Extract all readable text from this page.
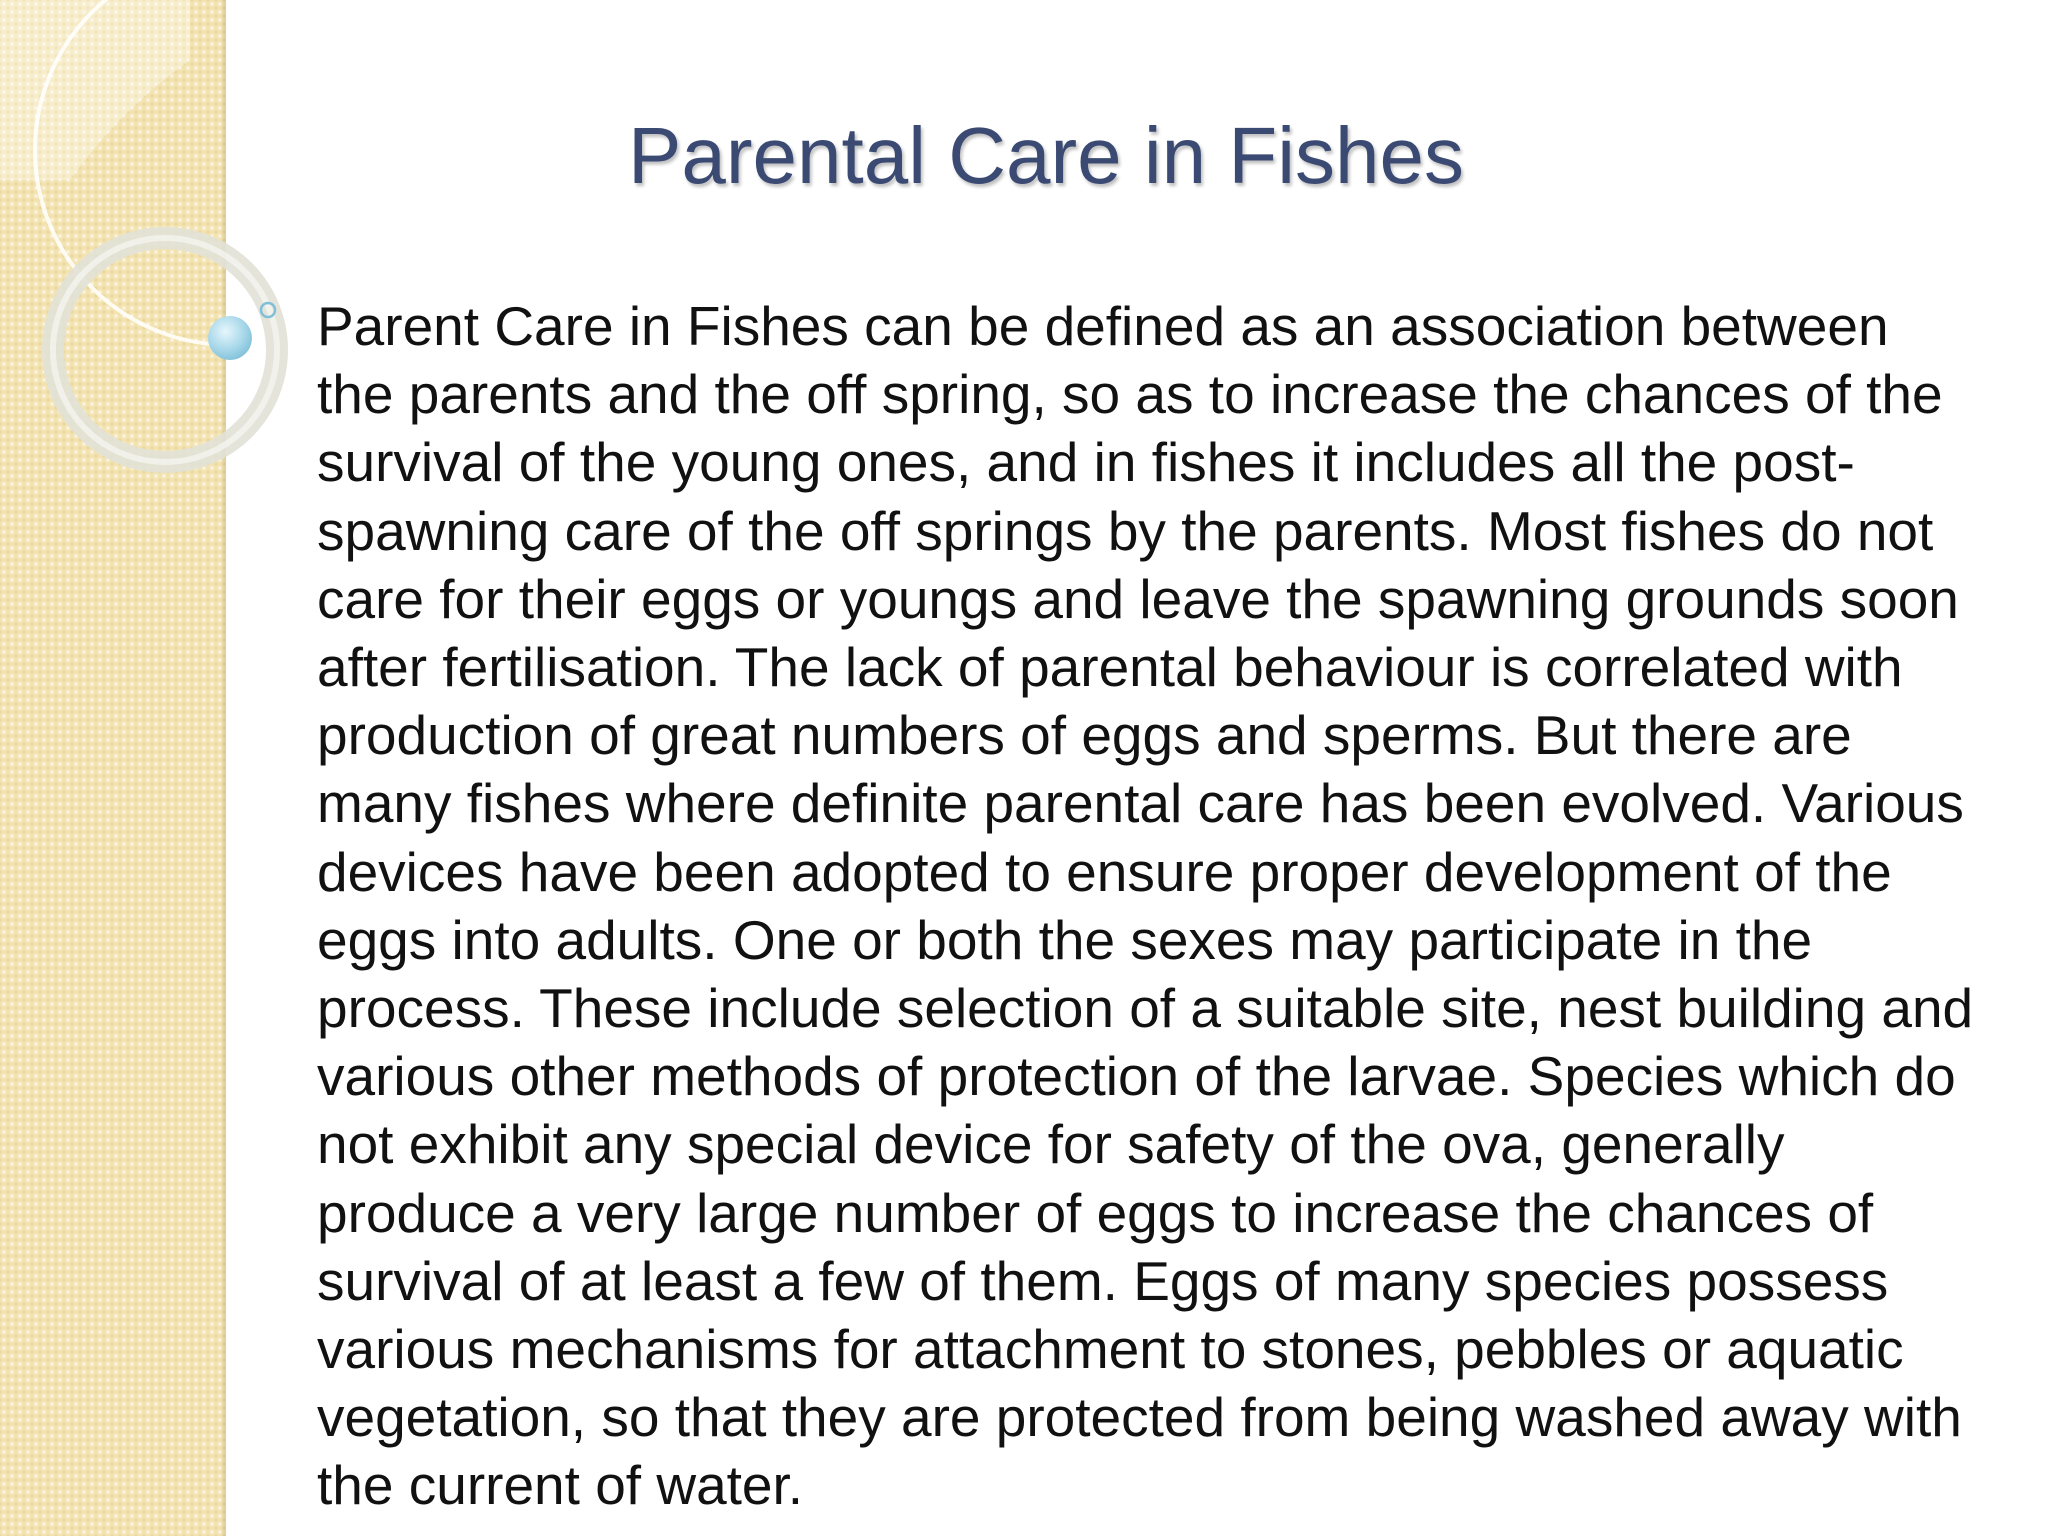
Parental Care in Fishes

Parent Care in Fishes can be defined as an association between the parents and the off spring, so as to increase the chances of the survival of the young ones, and in fishes it includes all the post-spawning care of the off springs by the parents. Most fishes do not care for their eggs or youngs and leave the spawning grounds soon after fertilisation. The lack of parental behaviour is correlated with production of great numbers of eggs and sperms. But there are many fishes where definite parental care has been evolved. Various devices have been adopted to ensure proper development of the eggs into adults. One or both the sexes may participate in the process. These include selection of a suitable site, nest building and various other methods of protection of the larvae. Species which do not exhibit any special device for safety of the ova, generally produce a very large number of eggs to increase the chances of survival of at least a few of them. Eggs of many species possess various mechanisms for attachment to stones, pebbles or aquatic vegetation, so that they are protected from being washed away with the current of water.
